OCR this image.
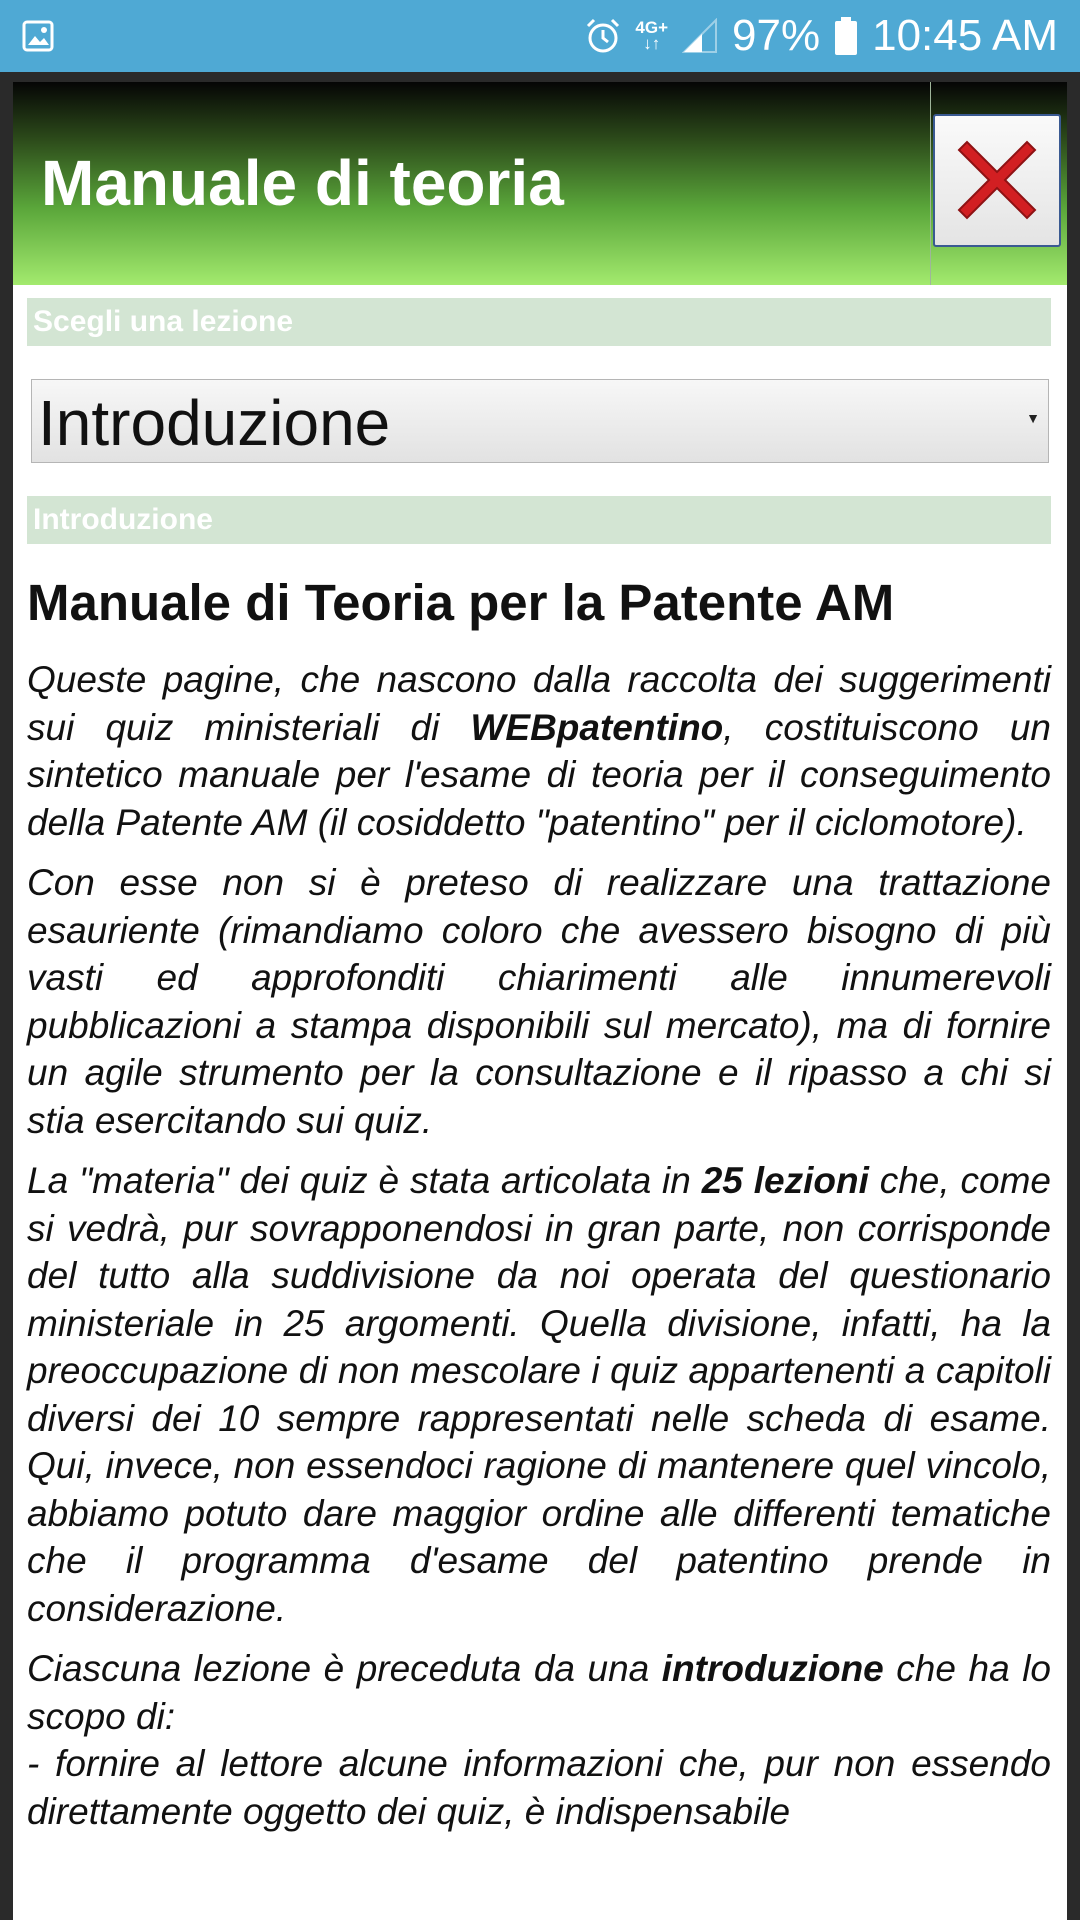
4G+
↓↑ 97% 10:45 AM
Manuale di teoria
Scegli una lezione
Introduzione	▼
Introduzione
Manuale di Teoria per la Patente AM

Queste pagine, che nascono dalla raccolta dei suggerimenti sui quiz ministeriali di WEBpatentino, costituiscono un sintetico manuale per l'esame di teoria per il conseguimento della Patente AM (il cosiddetto "patentino" per il ciclomotore).

Con esse non si è preteso di realizzare una trattazione esauriente (rimandiamo coloro che avessero bisogno di più vasti ed approfonditi chiarimenti alle innumerevoli pubblicazioni a stampa disponibili sul mercato), ma di fornire un agile strumento per la consultazione e il ripasso a chi si stia esercitando sui quiz.

La "materia" dei quiz è stata articolata in 25 lezioni che, come si vedrà, pur sovrapponendosi in gran parte, non corrisponde del tutto alla suddivisione da noi operata del questionario ministeriale in 25 argomenti. Quella divisione, infatti, ha la preoccupazione di non mescolare i quiz appartenenti a capitoli diversi dei 10 sempre rappresentati nelle scheda di esame. Qui, invece, non essendoci ragione di mantenere quel vincolo, abbiamo potuto dare maggior ordine alle differenti tematiche che il programma d'esame del patentino prende in considerazione.

Ciascuna lezione è preceduta da una introduzione che ha lo scopo di:

- fornire al lettore alcune informazioni che, pur non essendo direttamente oggetto dei quiz, è indispensabile
